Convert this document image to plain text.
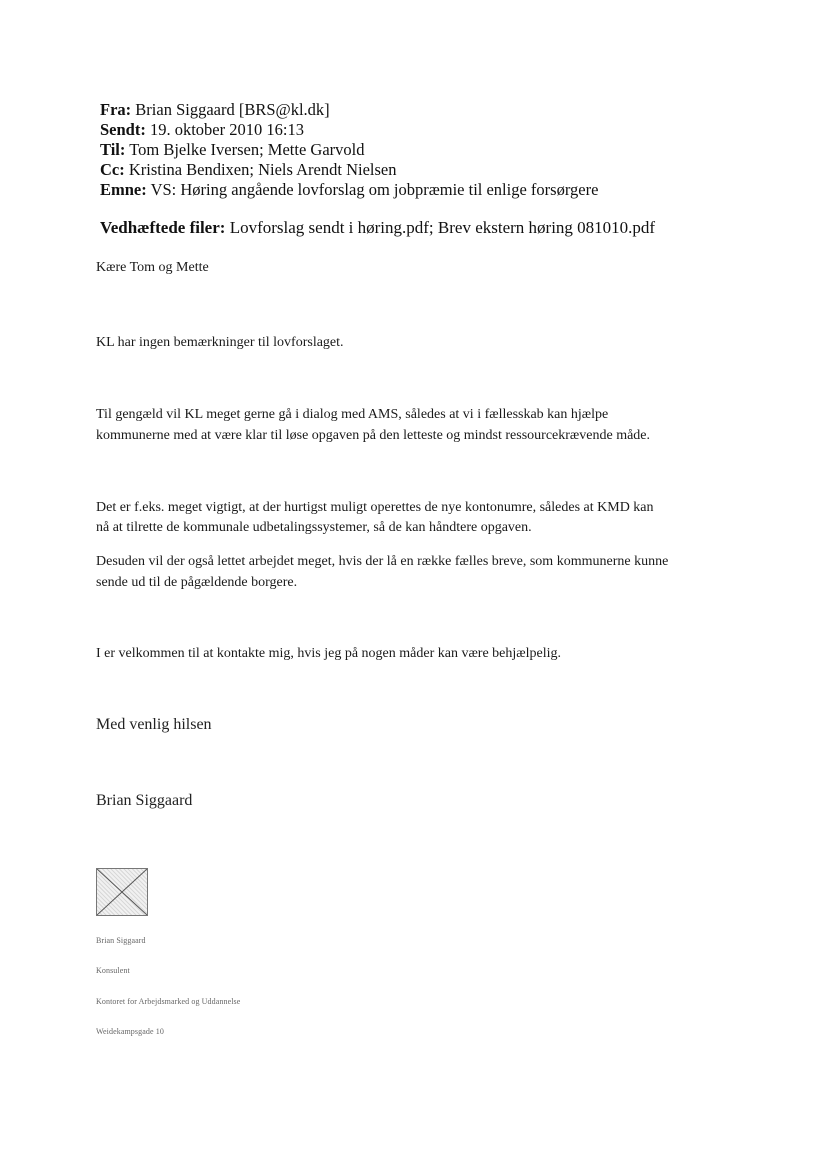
Fra: Brian Siggaard [BRS@kl.dk]
Sendt: 19. oktober 2010 16:13
Til: Tom Bjelke Iversen; Mette Garvold
Cc: Kristina Bendixen; Niels Arendt Nielsen
Emne: VS: Høring angående lovforslag om jobpræmie til enlige forsørgere
Vedhæftede filer: Lovforslag sendt i høring.pdf; Brev ekstern høring 081010.pdf
Kære Tom og Mette
KL har ingen bemærkninger til lovforslaget.
Til gengæld vil KL meget gerne gå i dialog med AMS, således at vi i fællesskab kan hjælpe
kommunerne med at være klar til løse opgaven på den letteste og mindst ressourcekrævende måde.
Det er f.eks. meget vigtigt, at der hurtigst muligt operettes de nye kontonumre, således at KMD kan
nå at tilrette de kommunale udbetalingssystemer, så de kan håndtere opgaven.
Desuden vil der også lettet arbejdet meget, hvis der lå en række fælles breve, som kommunerne kunne
sende ud til de pågældende borgere.
I er velkommen til at kontakte mig, hvis jeg på nogen måder kan være behjælpelig.
Med venlig hilsen
Brian Siggaard
Brian Siggaard
Konsulent
Kontoret for Arbejdsmarked og Uddannelse
Weidekampsgade 10
